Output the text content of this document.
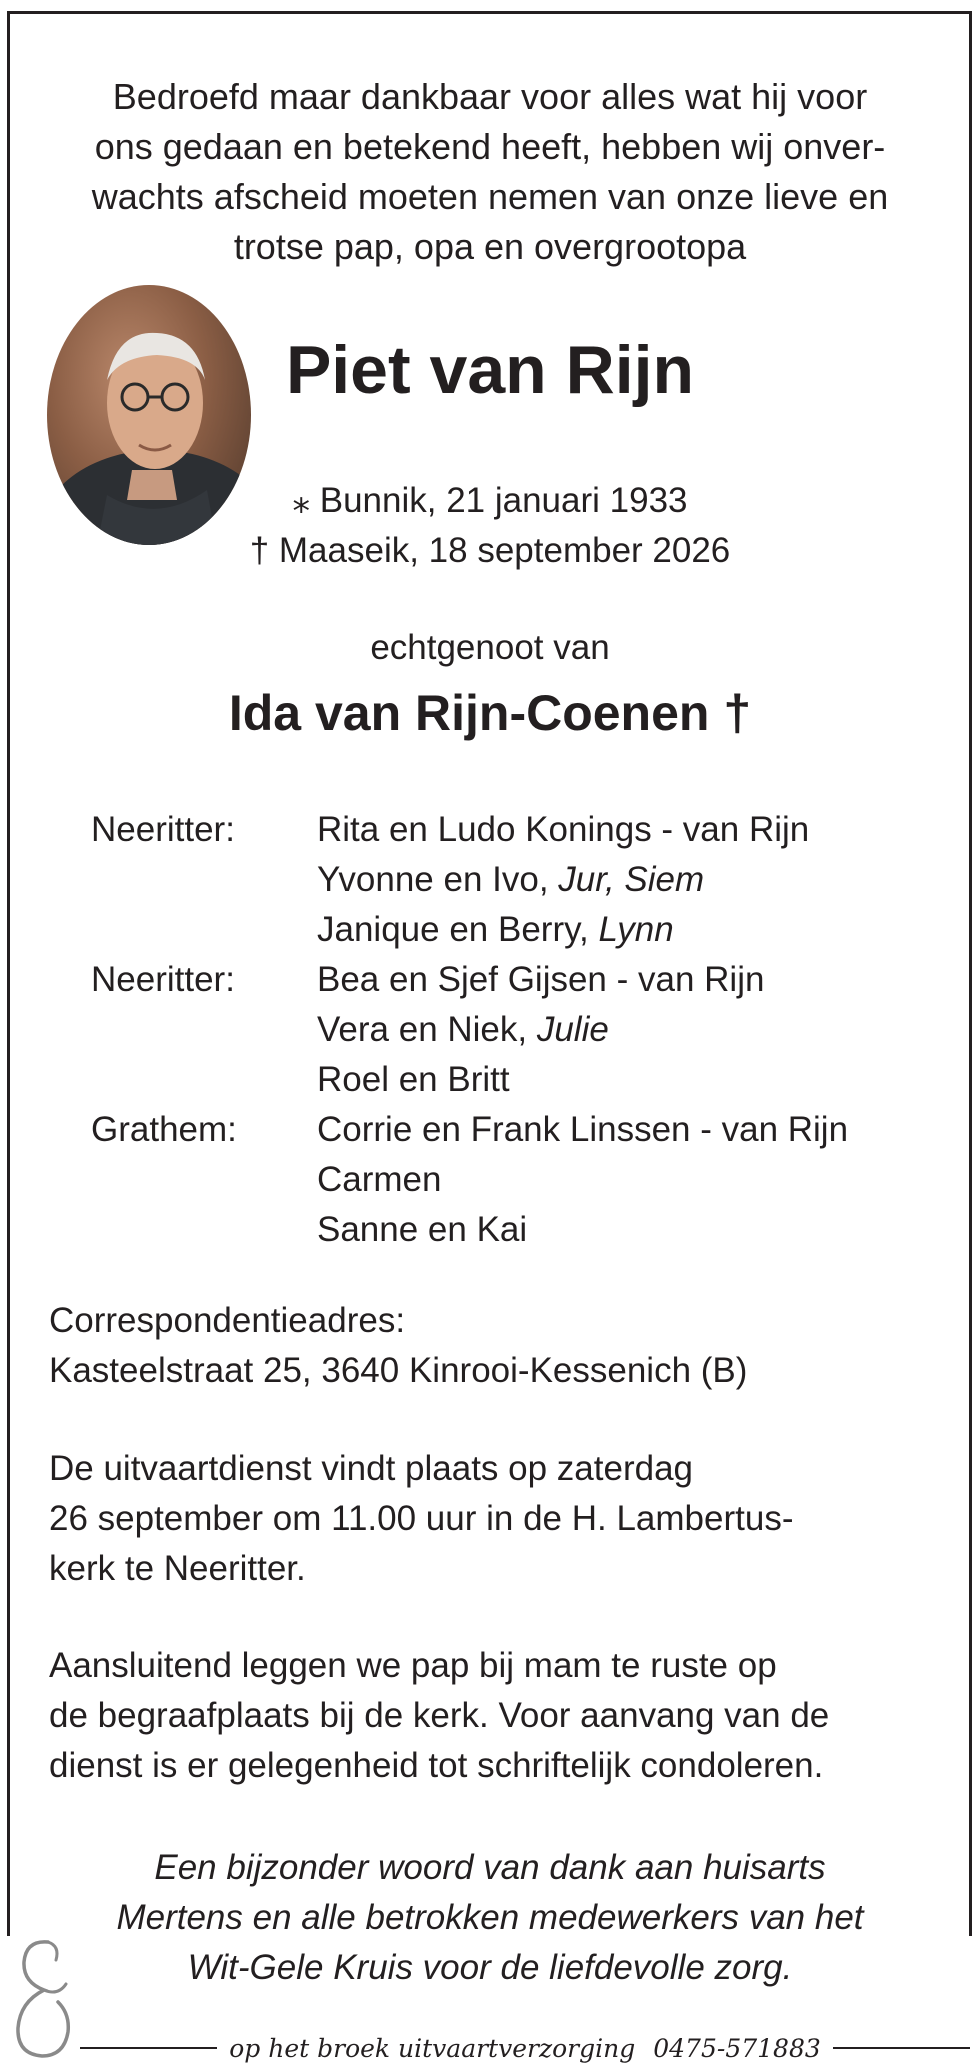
Bedroefd maar dankbaar voor alles wat hij voor
ons gedaan en betekend heeft, hebben wij onver-
wachts afscheid moeten nemen van onze lieve en
trotse pap, opa en overgrootopa
Piet van Rijn
⁎ Bunnik, 21 januari 1933
† Maaseik, 18 september 2026
echtgenoot van
Ida van Rijn-Coenen †
Neeritter:	Rita en Ludo Konings - van Rijn
Yvonne en Ivo, Jur, Siem
Janique en Berry, Lynn
Neeritter:	Bea en Sjef Gijsen - van Rijn
Vera en Niek, Julie
Roel en Britt
Grathem:	Corrie en Frank Linssen - van Rijn
Carmen
Sanne en Kai
Correspondentieadres:
Kasteelstraat 25, 3640 Kinrooi-Kessenich (B)
De uitvaartdienst vindt plaats op zaterdag
26 september om 11.00 uur in de H. Lambertus-
kerk te Neeritter.
Aansluitend leggen we pap bij mam te ruste op
de begraafplaats bij de kerk. Voor aanvang van de
dienst is er gelegenheid tot schriftelijk condoleren.
Een bijzonder woord van dank aan huisarts
Mertens en alle betrokken medewerkers van het
Wit-Gele Kruis voor de liefdevolle zorg.
op het broek uitvaartverzorging 0475-571883
